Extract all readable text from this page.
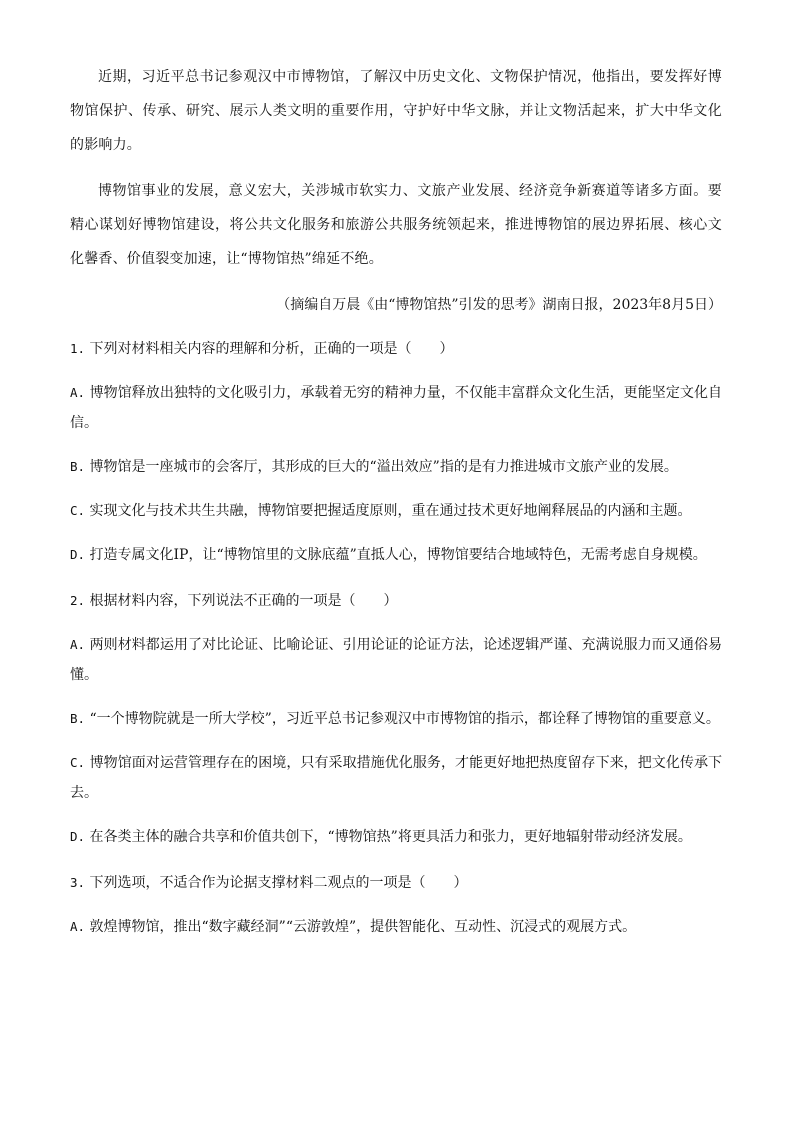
近期，习近平总书记参观汉中市博物馆，了解汉中历史文化、文物保护情况，他指出，要发挥好博物馆保护、传承、研究、展示人类文明的重要作用，守护好中华文脉，并让文物活起来，扩大中华文化的影响力。

博物馆事业的发展，意义宏大，关涉城市软实力、文旅产业发展、经济竞争新赛道等诸多方面。要精心谋划好博物馆建设，将公共文化服务和旅游公共服务统领起来，推进博物馆的展边界拓展、核心文化馨香、价值裂变加速，让“博物馆热”绵延不绝。

（摘编自万晨《由“博物馆热”引发的思考》湖南日报，2023年8月5日）

1. 下列对材料相关内容的理解和分析，正确的一项是（　　）

A. 博物馆释放出独特的文化吸引力，承载着无穷的精神力量，不仅能丰富群众文化生活，更能坚定文化自信。

B. 博物馆是一座城市的会客厅，其形成的巨大的“溢出效应”指的是有力推进城市文旅产业的发展。

C. 实现文化与技术共生共融，博物馆要把握适度原则，重在通过技术更好地阐释展品的内涵和主题。

D. 打造专属文化IP，让“博物馆里的文脉底蕴”直抵人心，博物馆要结合地域特色，无需考虑自身规模。

2. 根据材料内容，下列说法不正确的一项是（　　）

A. 两则材料都运用了对比论证、比喻论证、引用论证的论证方法，论述逻辑严谨、充满说服力而又通俗易懂。

B. “一个博物院就是一所大学校”，习近平总书记参观汉中市博物馆的指示，都诠释了博物馆的重要意义。

C. 博物馆面对运营管理存在的困境，只有采取措施优化服务，才能更好地把热度留存下来，把文化传承下去。

D. 在各类主体的融合共享和价值共创下，“博物馆热”将更具活力和张力，更好地辐射带动经济发展。

3. 下列选项，不适合作为论据支撑材料二观点的一项是（　　）

A. 敦煌博物馆，推出“数字藏经洞”“云游敦煌”，提供智能化、互动性、沉浸式的观展方式。
